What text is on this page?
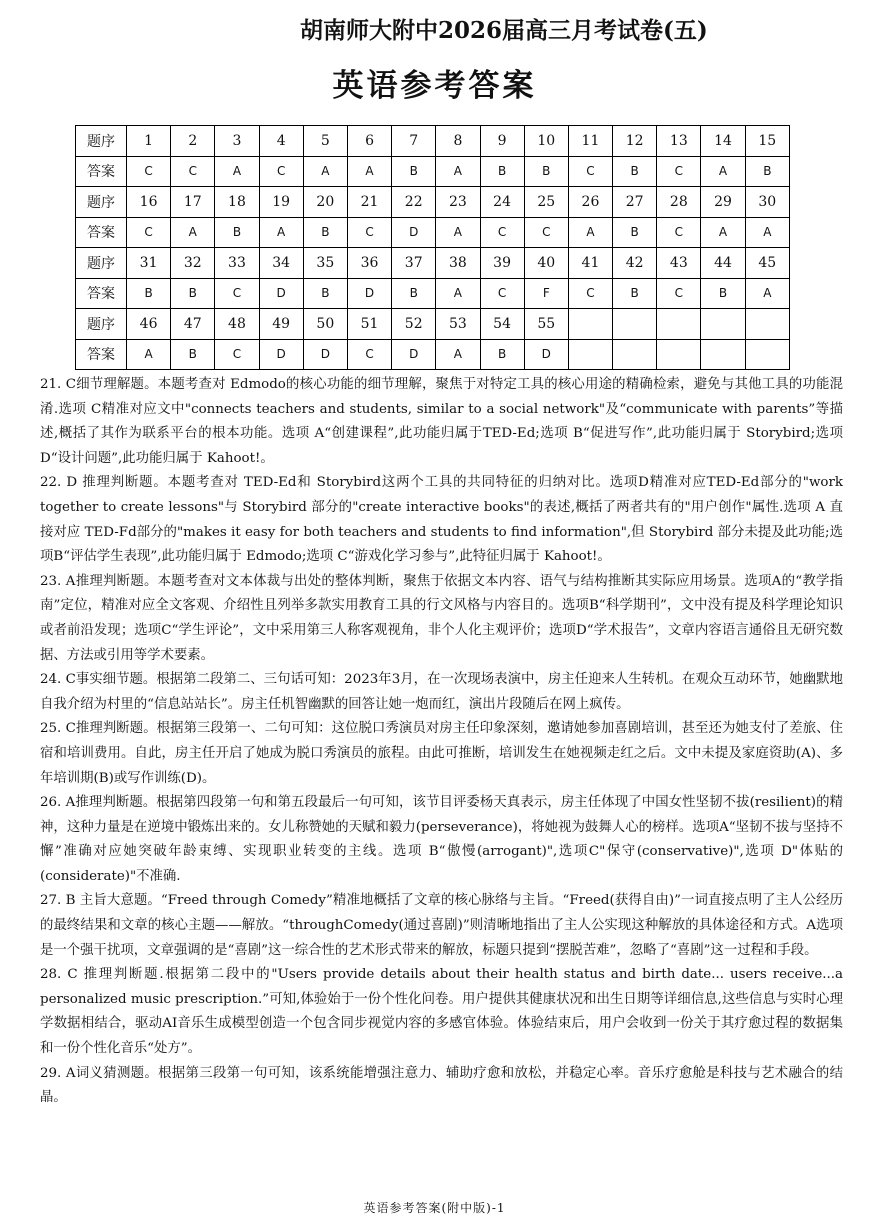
胡南师大附中2026届高三月考试卷(五)
英语参考答案
题序	1	2	3	4	5	6	7	8	9	10	11	12	13	14	15
答案	C	C	A	C	A	A	B	A	B	B	C	B	C	A	B
题序	16	17	18	19	20	21	22	23	24	25	26	27	28	29	30
答案	C	A	B	A	B	C	D	A	C	C	A	B	C	A	A
题序	31	32	33	34	35	36	37	38	39	40	41	42	43	44	45
答案	B	B	C	D	B	D	B	A	C	F	C	B	C	B	A
题序	46	47	48	49	50	51	52	53	54	55					
答案	A	B	C	D	D	C	D	A	B	D					

21. C细节理解题。本题考查对 Edmodo的核心功能的细节理解，聚焦于对特定工具的核心用途的精确检索，避免与其他工具的功能混淆.选项 C精准对应文中"connects teachers and students, similar to a social network"及“communicate with parents”等描述,概括了其作为联系平台的根本功能。选项 A“创建课程”,此功能归属于TED-Ed;选项 B“促进写作”,此功能归属于 Storybird;选项D“设计问题”,此功能归属于 Kahoot!。

22. D 推理判断题。本题考查对 TED-Ed和 Storybird这两个工具的共同特征的归纳对比。选项D精准对应TED-Ed部分的"work together to create lessons"与 Storybird 部分的"create interactive books"的表述,概括了两者共有的"用户创作"属性.选项 A 直接对应 TED-Fd部分的"makes it easy for both teachers and students to find information",但 Storybird 部分未提及此功能;选项B“评估学生表现”,此功能归属于 Edmodo;选项 C“游戏化学习参与”,此特征归属于 Kahoot!。

23. A推理判断题。本题考查对文本体裁与出处的整体判断，聚焦于依据文本内容、语气与结构推断其实际应用场景。选项A的“教学指南”定位，精准对应全文客观、介绍性且列举多款实用教育工具的行文风格与内容目的。选项B“科学期刊”，文中没有提及科学理论知识或者前沿发现；选项C“学生评论”，文中采用第三人称客观视角，非个人化主观评价；选项D“学术报告”，文章内容语言通俗且无研究数据、方法或引用等学术要素。

24. C事实细节题。根据第二段第二、三句话可知：2023年3月，在一次现场表演中，房主任迎来人生转机。在观众互动环节，她幽默地自我介绍为村里的“信息站站长”。房主任机智幽默的回答让她一炮而红，演出片段随后在网上疯传。

25. C推理判断题。根据第三段第一、二句可知：这位脱口秀演员对房主任印象深刻，邀请她参加喜剧培训，甚至还为她支付了差旅、住宿和培训费用。自此，房主任开启了她成为脱口秀演员的旅程。由此可推断，培训发生在她视频走红之后。文中未提及家庭资助(A)、多年培训期(B)或写作训练(D)。

26. A推理判断题。根据第四段第一句和第五段最后一句可知，该节目评委杨天真表示，房主任体现了中国女性坚韧不拔(resilient)的精神，这种力量是在逆境中锻炼出来的。女儿称赞她的天赋和毅力(perseverance)，将她视为鼓舞人心的榜样。选项A“坚韧不拔与坚持不懈”准确对应她突破年龄束缚、实现职业转变的主线。选项 B“傲慢(arrogant)",选项C"保守(conservative)",选项 D"体贴的(considerate)"不准确.

27. B 主旨大意题。“Freed through Comedy”精准地概括了文章的核心脉络与主旨。“Freed(获得自由)”一词直接点明了主人公经历的最终结果和文章的核心主题——解放。“throughComedy(通过喜剧)”则清晰地指出了主人公实现这种解放的具体途径和方式。A选项是一个强干扰项，文章强调的是“喜剧”这一综合性的艺术形式带来的解放，标题只提到“摆脱苦难”，忽略了“喜剧”这一过程和手段。

28. C 推理判断题.根据第二段中的"Users provide details about their health status and birth date... users receive...a personalized music prescription.”可知,体验始于一份个性化问卷。用户提供其健康状况和出生日期等详细信息,这些信息与实时心理学数据相结合，驱动AI音乐生成模型创造一个包含同步视觉内容的多感官体验。体验结束后，用户会收到一份关于其疗愈过程的数据集和一份个性化音乐“处方”。

29. A词义猜测题。根据第三段第一句可知，该系统能增强注意力、辅助疗愈和放松，并稳定心率。音乐疗愈舱是科技与艺术融合的结晶。

英语参考答案(附中版)-1
